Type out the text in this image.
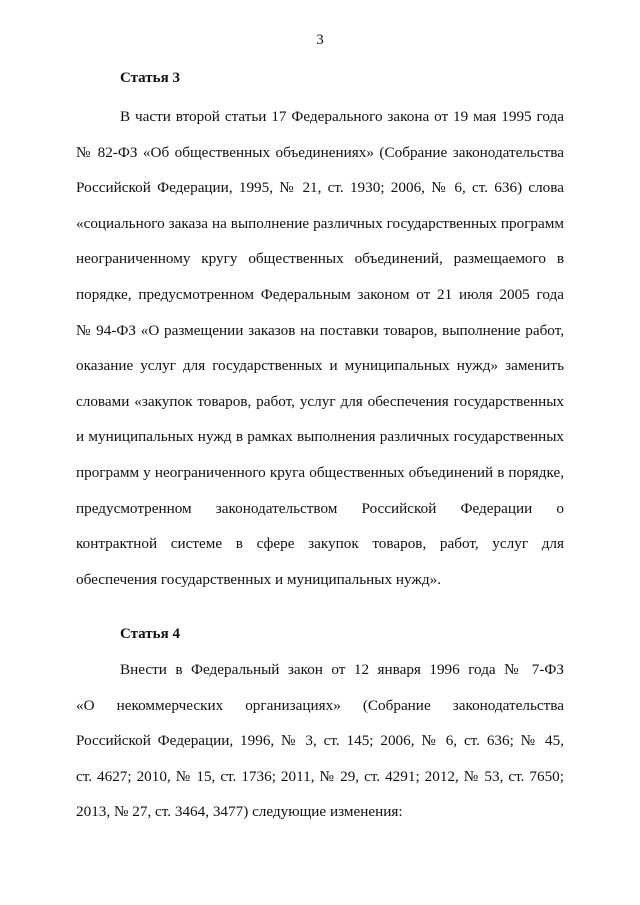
3
Статья 3
В части второй статьи 17 Федерального закона от 19 мая 1995 года
№ 82-ФЗ «Об общественных объединениях» (Собрание законодательства
Российской Федерации, 1995, № 21, ст. 1930; 2006, № 6, ст. 636) слова
«социального заказа на выполнение различных государственных программ
неограниченному кругу общественных объединений, размещаемого в
порядке, предусмотренном Федеральным законом от 21 июля 2005 года
№ 94-ФЗ «О размещении заказов на поставки товаров, выполнение работ,
оказание услуг для государственных и муниципальных нужд» заменить
словами «закупок товаров, работ, услуг для обеспечения государственных
и муниципальных нужд в рамках выполнения различных государственных
программ у неограниченного круга общественных объединений в порядке,
предусмотренном законодательством Российской Федерации о
контрактной системе в сфере закупок товаров, работ, услуг для
обеспечения государственных и муниципальных нужд».
Статья 4
Внести в Федеральный закон от 12 января 1996 года № 7-ФЗ
«О некоммерческих организациях» (Собрание законодательства
Российской Федерации, 1996, № 3, ст. 145; 2006, № 6, ст. 636; № 45,
ст. 4627; 2010, № 15, ст. 1736; 2011, № 29, ст. 4291; 2012, № 53, ст. 7650;
2013, № 27, ст. 3464, 3477) следующие изменения:
